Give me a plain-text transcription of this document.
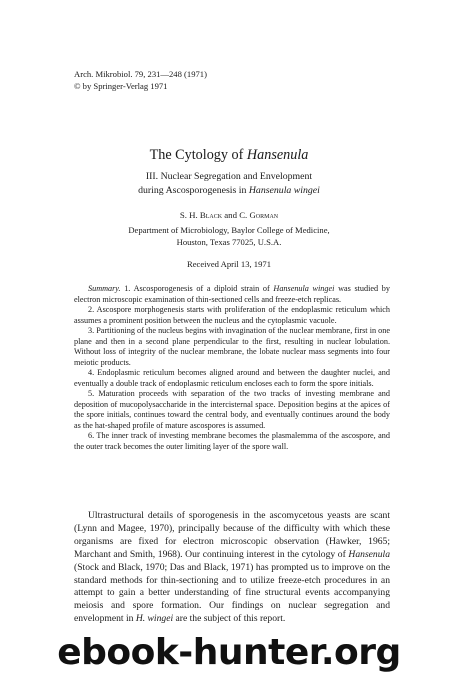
Arch. Mikrobiol. 79, 231—248 (1971)
© by Springer-Verlag 1971
The Cytology of Hansenula
III. Nuclear Segregation and Envelopment
during Ascosporogenesis in Hansenula wingei
S. H. Black and C. Gorman
Department of Microbiology, Baylor College of Medicine,
Houston, Texas 77025, U.S.A.
Received April 13, 1971

Summary. 1. Ascosporogenesis of a diploid strain of Hansenula wingei was studied by electron microscopic examination of thin-sectioned cells and freeze-etch replicas.

2. Ascospore morphogenesis starts with proliferation of the endoplasmic reticulum which assumes a prominent position between the nucleus and the cytoplasmic vacuole.

3. Partitioning of the nucleus begins with invagination of the nuclear membrane, first in one plane and then in a second plane perpendicular to the first, resulting in nuclear lobulation. Without loss of integrity of the nuclear membrane, the lobate nuclear mass segments into four meiotic products.

4. Endoplasmic reticulum becomes aligned around and between the daughter nuclei, and eventually a double track of endoplasmic reticulum encloses each to form the spore initials.

5. Maturation proceeds with separation of the two tracks of investing membrane and deposition of mucopolysaccharide in the intercisternal space. Deposition begins at the apices of the spore initials, continues toward the central body, and eventually continues around the body as the hat-shaped profile of mature ascospores is assumed.

6. The inner track of investing membrane becomes the plasmalemma of the ascospore, and the outer track becomes the outer limiting layer of the spore wall.

Ultrastructural details of sporogenesis in the ascomycetous yeasts are scant (Lynn and Magee, 1970), principally because of the difficulty with which these organisms are fixed for electron microscopic observation (Hawker, 1965; Marchant and Smith, 1968). Our continuing interest in the cytology of Hansenula (Stock and Black, 1970; Das and Black, 1971) has prompted us to improve on the standard methods for thin-sectioning and to utilize freeze-etch procedures in an attempt to gain a better understanding of fine structural events accompanying meiosis and spore formation. Our findings on nuclear segregation and envelopment in H. wingei are the subject of this report.

ebook-hunter.org
